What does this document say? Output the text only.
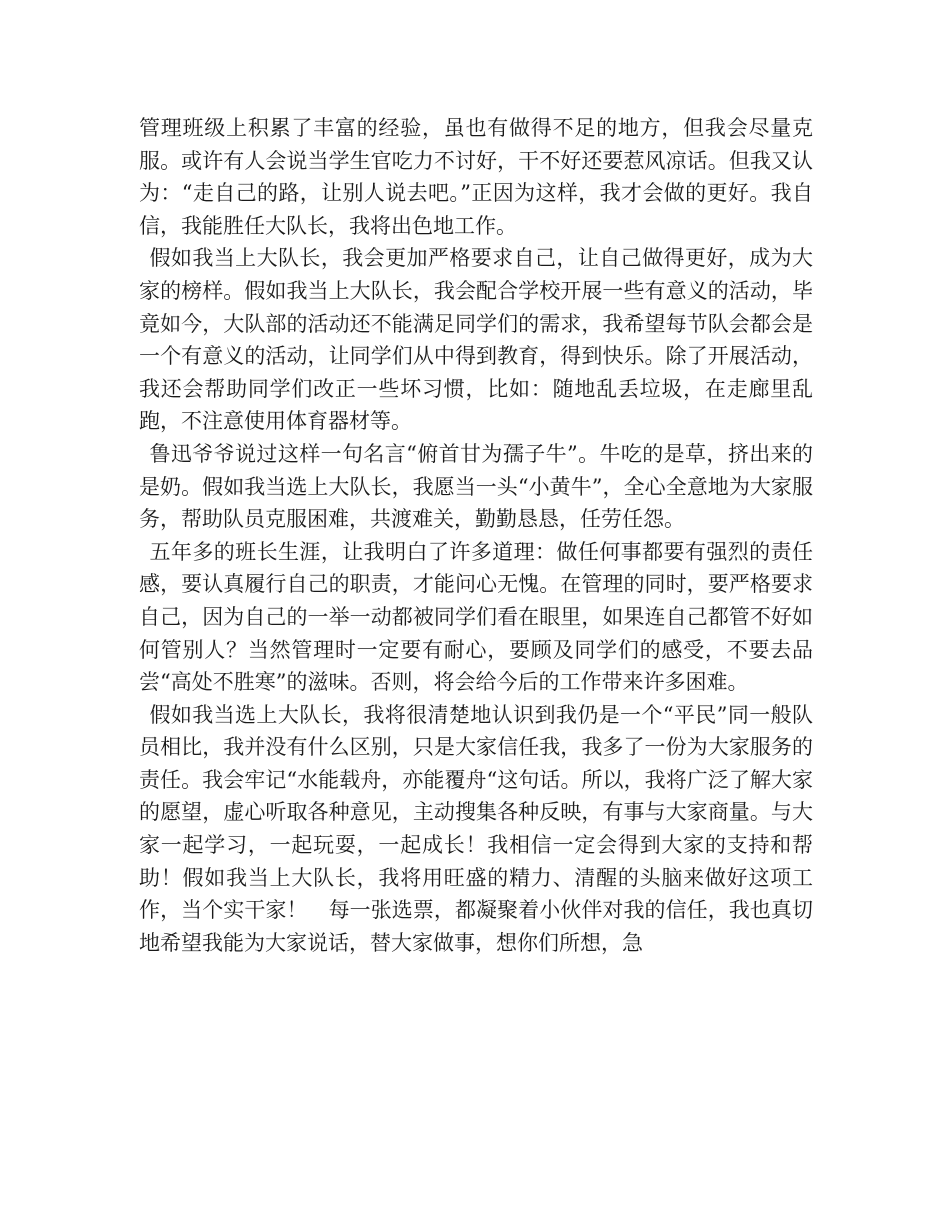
管理班级上积累了丰富的经验，虽也有做得不足的地方，但我会尽量克服。或许有人会说当学生官吃力不讨好，干不好还要惹风凉话。但我又认为：“走自己的路，让别人说去吧。”正因为这样，我才会做的更好。我自信，我能胜任大队长，我将出色地工作。

假如我当上大队长，我会更加严格要求自己，让自己做得更好，成为大家的榜样。假如我当上大队长，我会配合学校开展一些有意义的活动，毕竟如今，大队部的活动还不能满足同学们的需求，我希望每节队会都会是一个有意义的活动，让同学们从中得到教育，得到快乐。除了开展活动，我还会帮助同学们改正一些坏习惯，比如：随地乱丢垃圾，在走廊里乱跑，不注意使用体育器材等。

鲁迅爷爷说过这样一句名言“俯首甘为孺子牛”。牛吃的是草，挤出来的是奶。假如我当选上大队长，我愿当一头“小黄牛”，全心全意地为大家服务，帮助队员克服困难，共渡难关，勤勤恳恳，任劳任怨。

五年多的班长生涯，让我明白了许多道理：做任何事都要有强烈的责任感，要认真履行自己的职责，才能问心无愧。在管理的同时，要严格要求自己，因为自己的一举一动都被同学们看在眼里，如果连自己都管不好如何管别人？当然管理时一定要有耐心，要顾及同学们的感受，不要去品尝“高处不胜寒”的滋味。否则，将会给今后的工作带来许多困难。

假如我当选上大队长，我将很清楚地认识到我仍是一个“平民”同一般队员相比，我并没有什么区别，只是大家信任我，我多了一份为大家服务的责任。我会牢记“水能载舟，亦能覆舟“这句话。所以，我将广泛了解大家的愿望，虚心听取各种意见，主动搜集各种反映，有事与大家商量。与大家一起学习，一起玩耍，一起成长！我相信一定会得到大家的支持和帮助！假如我当上大队长，我将用旺盛的精力、清醒的头脑来做好这项工作，当个实干家！　每一张选票，都凝聚着小伙伴对我的信任，我也真切地希望我能为大家说话，替大家做事，想你们所想，急
